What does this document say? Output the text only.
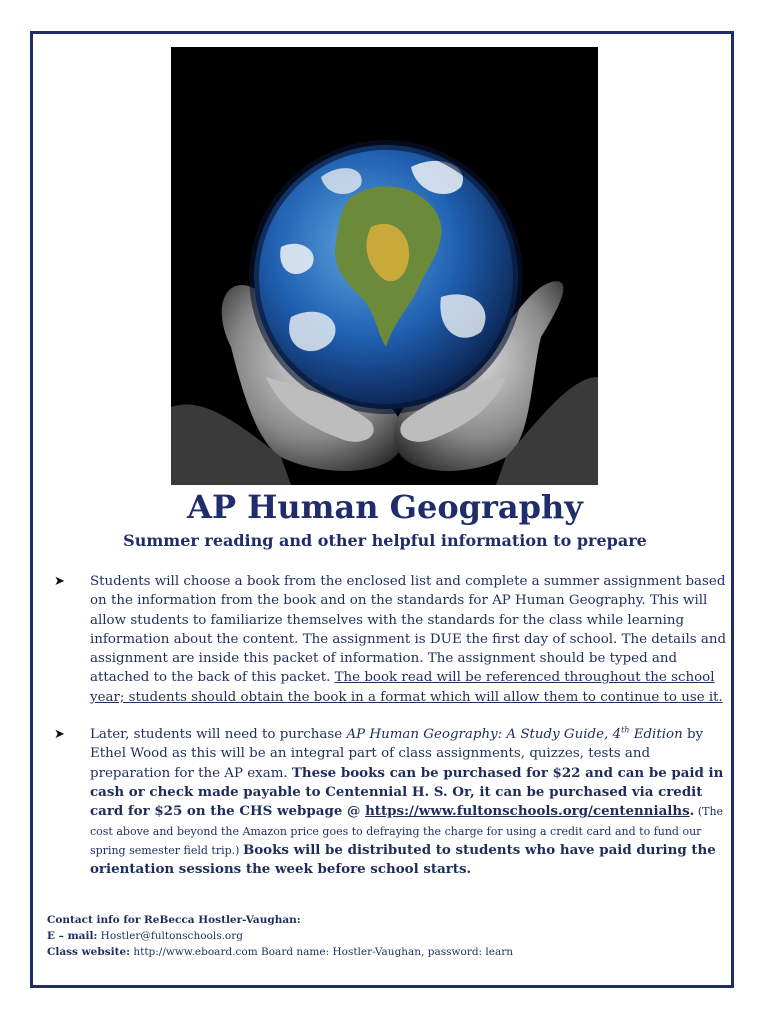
AP Human Geography
Summer reading and other helpful information to prepare
➤ Students will choose a book from the enclosed list and complete a summer assignment based on the information from the book and on the standards for AP Human Geography. This will allow students to familiarize themselves with the standards for the class while learning information about the content. The assignment is DUE the first day of school. The details and assignment are inside this packet of information. The assignment should be typed and attached to the back of this packet. The book read will be referenced throughout the school year; students should obtain the book in a format which will allow them to continue to use it.
➤ Later, students will need to purchase AP Human Geography: A Study Guide, 4th Edition by Ethel Wood as this will be an integral part of class assignments, quizzes, tests and preparation for the AP exam. These books can be purchased for $22 and can be paid in cash or check made payable to Centennial H. S. Or, it can be purchased via credit card for $25 on the CHS webpage @ https://www.fultonschools.org/centennialhs. (The cost above and beyond the Amazon price goes to defraying the charge for using a credit card and to fund our spring semester field trip.) Books will be distributed to students who have paid during the orientation sessions the week before school starts.
Contact info for ReBecca Hostler-Vaughan:
E – mail: Hostler@fultonschools.org
Class website: http://www.eboard.com Board name: Hostler-Vaughan, password: learn
